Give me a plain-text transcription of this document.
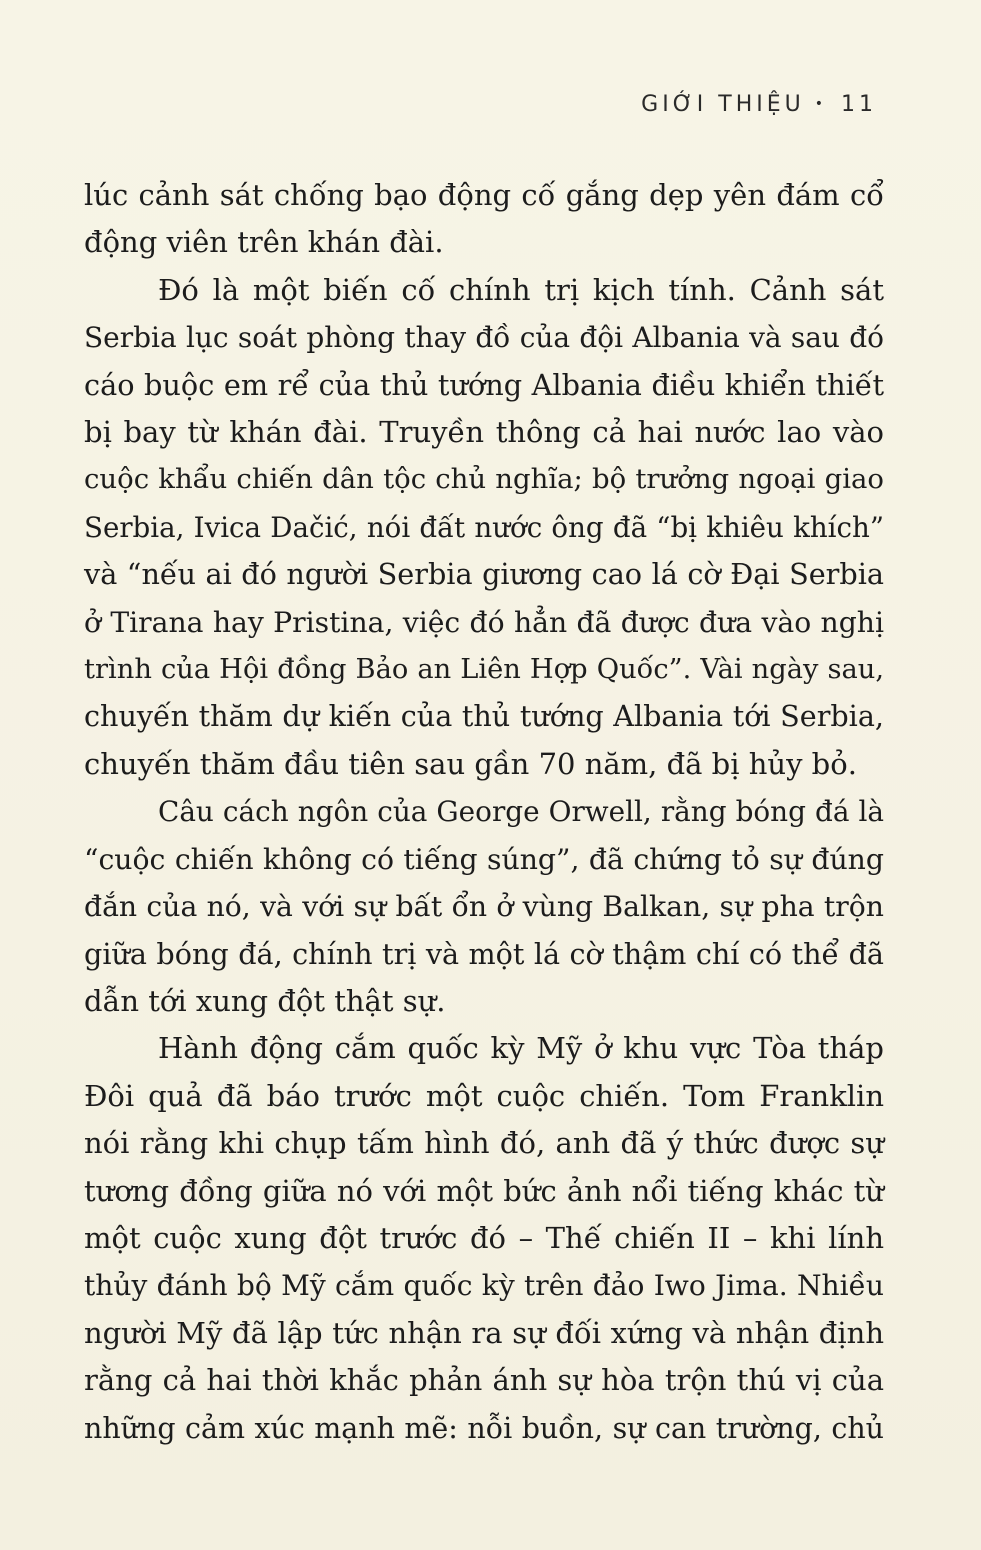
GIỚI THIỆU • 11

lúc cảnh sát chống bạo động cố gắng dẹp yên đám cổ

động viên trên khán đài.

Đó là một biến cố chính trị kịch tính. Cảnh sát

Serbia lục soát phòng thay đồ của đội Albania và sau đó

cáo buộc em rể của thủ tướng Albania điều khiển thiết

bị bay từ khán đài. Truyền thông cả hai nước lao vào

cuộc khẩu chiến dân tộc chủ nghĩa; bộ trưởng ngoại giao

Serbia, Ivica Dačić, nói đất nước ông đã “bị khiêu khích”

và “nếu ai đó người Serbia giương cao lá cờ Đại Serbia

ở Tirana hay Pristina, việc đó hẳn đã được đưa vào nghị

trình của Hội đồng Bảo an Liên Hợp Quốc”. Vài ngày sau,

chuyến thăm dự kiến của thủ tướng Albania tới Serbia,

chuyến thăm đầu tiên sau gần 70 năm, đã bị hủy bỏ.

Câu cách ngôn của George Orwell, rằng bóng đá là

“cuộc chiến không có tiếng súng”, đã chứng tỏ sự đúng

đắn của nó, và với sự bất ổn ở vùng Balkan, sự pha trộn

giữa bóng đá, chính trị và một lá cờ thậm chí có thể đã

dẫn tới xung đột thật sự.

Hành động cắm quốc kỳ Mỹ ở khu vực Tòa tháp

Đôi quả đã báo trước một cuộc chiến. Tom Franklin

nói rằng khi chụp tấm hình đó, anh đã ý thức được sự

tương đồng giữa nó với một bức ảnh nổi tiếng khác từ

một cuộc xung đột trước đó – Thế chiến II – khi lính

thủy đánh bộ Mỹ cắm quốc kỳ trên đảo Iwo Jima. Nhiều

người Mỹ đã lập tức nhận ra sự đối xứng và nhận định

rằng cả hai thời khắc phản ánh sự hòa trộn thú vị của

những cảm xúc mạnh mẽ: nỗi buồn, sự can trường, chủ
